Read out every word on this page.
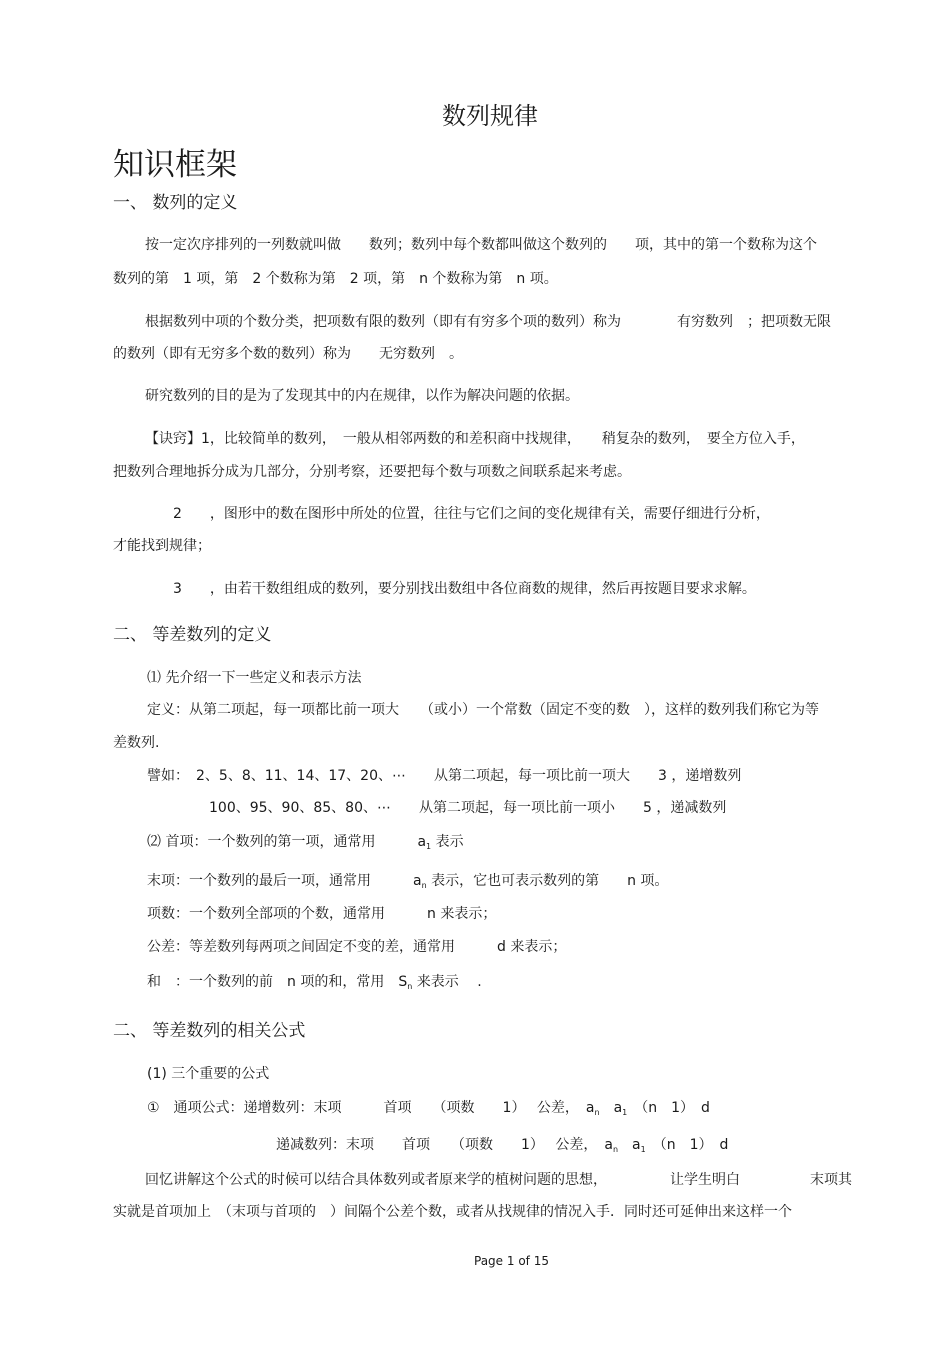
数列规律
知识框架
一、 数列的定义
按一定次序排列的一列数就叫做　　数列；数列中每个数都叫做这个数列的　　项，其中的第一个数称为这个
数列的第　1 项，第　2 个数称为第　2 项，第　n 个数称为第　n 项。
根据数列中项的个数分类，把项数有限的数列（即有有穷多个项的数列）称为　　　　有穷数列　；把项数无限
的数列（即有无穷多个数的数列）称为　　无穷数列　。
研究数列的目的是为了发现其中的内在规律，以作为解决问题的依据。
【诀窍】1，比较简单的数列，　一般从相邻两数的和差积商中找规律，　　稍复杂的数列，　要全方位入手，
把数列合理地拆分成为几部分，分别考察，还要把每个数与项数之间联系起来考虑。
2　　，图形中的数在图形中所处的位置，往往与它们之间的变化规律有关，需要仔细进行分析，
才能找到规律；
3　　，由若干数组组成的数列，要分别找出数组中各位商数的规律，然后再按题目要求求解。
二、 等差数列的定义
⑴ 先介绍一下一些定义和表示方法
定义：从第二项起，每一项都比前一项大　　（或小）一个常数（固定不变的数　），这样的数列我们称它为等
差数列.
譬如：　2、5、8、11、14、17、20、⋯　　从第二项起，每一项比前一项大　　3 ，递增数列
100、95、90、85、80、⋯　　从第二项起，每一项比前一项小　　5 ，递减数列
⑵ 首项：一个数列的第一项，通常用　　　$a_1$ 表示
末项：一个数列的最后一项，通常用　　　$a_n$ 表示，它也可表示数列的第　　n 项。
项数：一个数列全部项的个数，通常用　　　n 来表示；
公差：等差数列每两项之间固定不变的差，通常用　　　d 来表示；
和　：一个数列的前　n 项的和，常用　$S_n$ 来表示　 .
二、 等差数列的相关公式
(1) 三个重要的公式
①　通项公式：递增数列：末项　　　首项　　（项数　　1）　 公差，　$a_n$　$a_1$　（n　1）　d
递减数列：末项　　首项　　（项数　　1）　 公差，　$a_n$　$a_1$　（n　1）　d
回忆讲解这个公式的时候可以结合具体数列或者原来学的植树问题的思想，　　　　　让学生明白　　　　　末项其
实就是首项加上　（末项与首项的　）间隔个公差个数，或者从找规律的情况入手．同时还可延伸出来这样一个
Page 1 of 15
